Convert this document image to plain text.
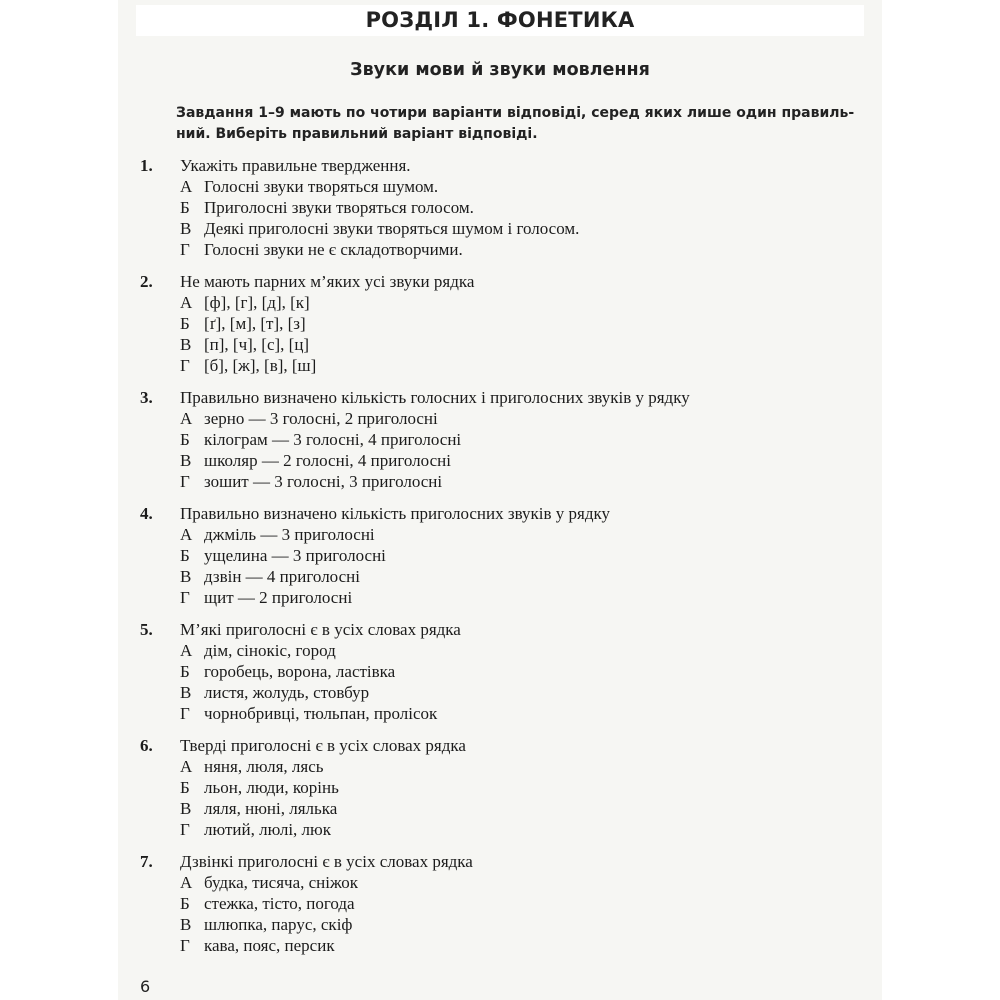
РОЗДІЛ 1. ФОНЕТИКА
Звуки мови й звуки мовлення
Завдання 1–9 мають по чотири варіанти відповіді, серед яких лише один правиль-
ний. Виберіть правильний варіант відповіді.
1. Укажіть правильне твердження.
А Голосні звуки творяться шумом.
Б Приголосні звуки творяться голосом.
В Деякі приголосні звуки творяться шумом і голосом.
Г Голосні звуки не є складотворчими.
2. Не мають парних м’яких усі звуки рядка
А [ф], [г], [д], [к]
Б [ґ], [м], [т], [з]
В [п], [ч], [с], [ц]
Г [б], [ж], [в], [ш]
3. Правильно визначено кількість голосних і приголосних звуків у рядку
А зерно — 3 голосні, 2 приголосні
Б кілограм — 3 голосні, 4 приголосні
В школяр — 2 голосні, 4 приголосні
Г зошит — 3 голосні, 3 приголосні
4. Правильно визначено кількість приголосних звуків у рядку
А джміль — 3 приголосні
Б ущелина — 3 приголосні
В дзвін — 4 приголосні
Г щит — 2 приголосні
5. М’які приголосні є в усіх словах рядка
А дім, сінокіс, город
Б горобець, ворона, ластівка
В листя, жолудь, стовбур
Г чорнобривці, тюльпан, пролісок
6. Тверді приголосні є в усіх словах рядка
А няня, люля, лясь
Б льон, люди, корінь
В ляля, нюні, лялька
Г лютий, люлі, люк
7. Дзвінкі приголосні є в усіх словах рядка
А будка, тисяча, сніжок
Б стежка, тісто, погода
В шлюпка, парус, скіф
Г кава, пояс, персик
6
